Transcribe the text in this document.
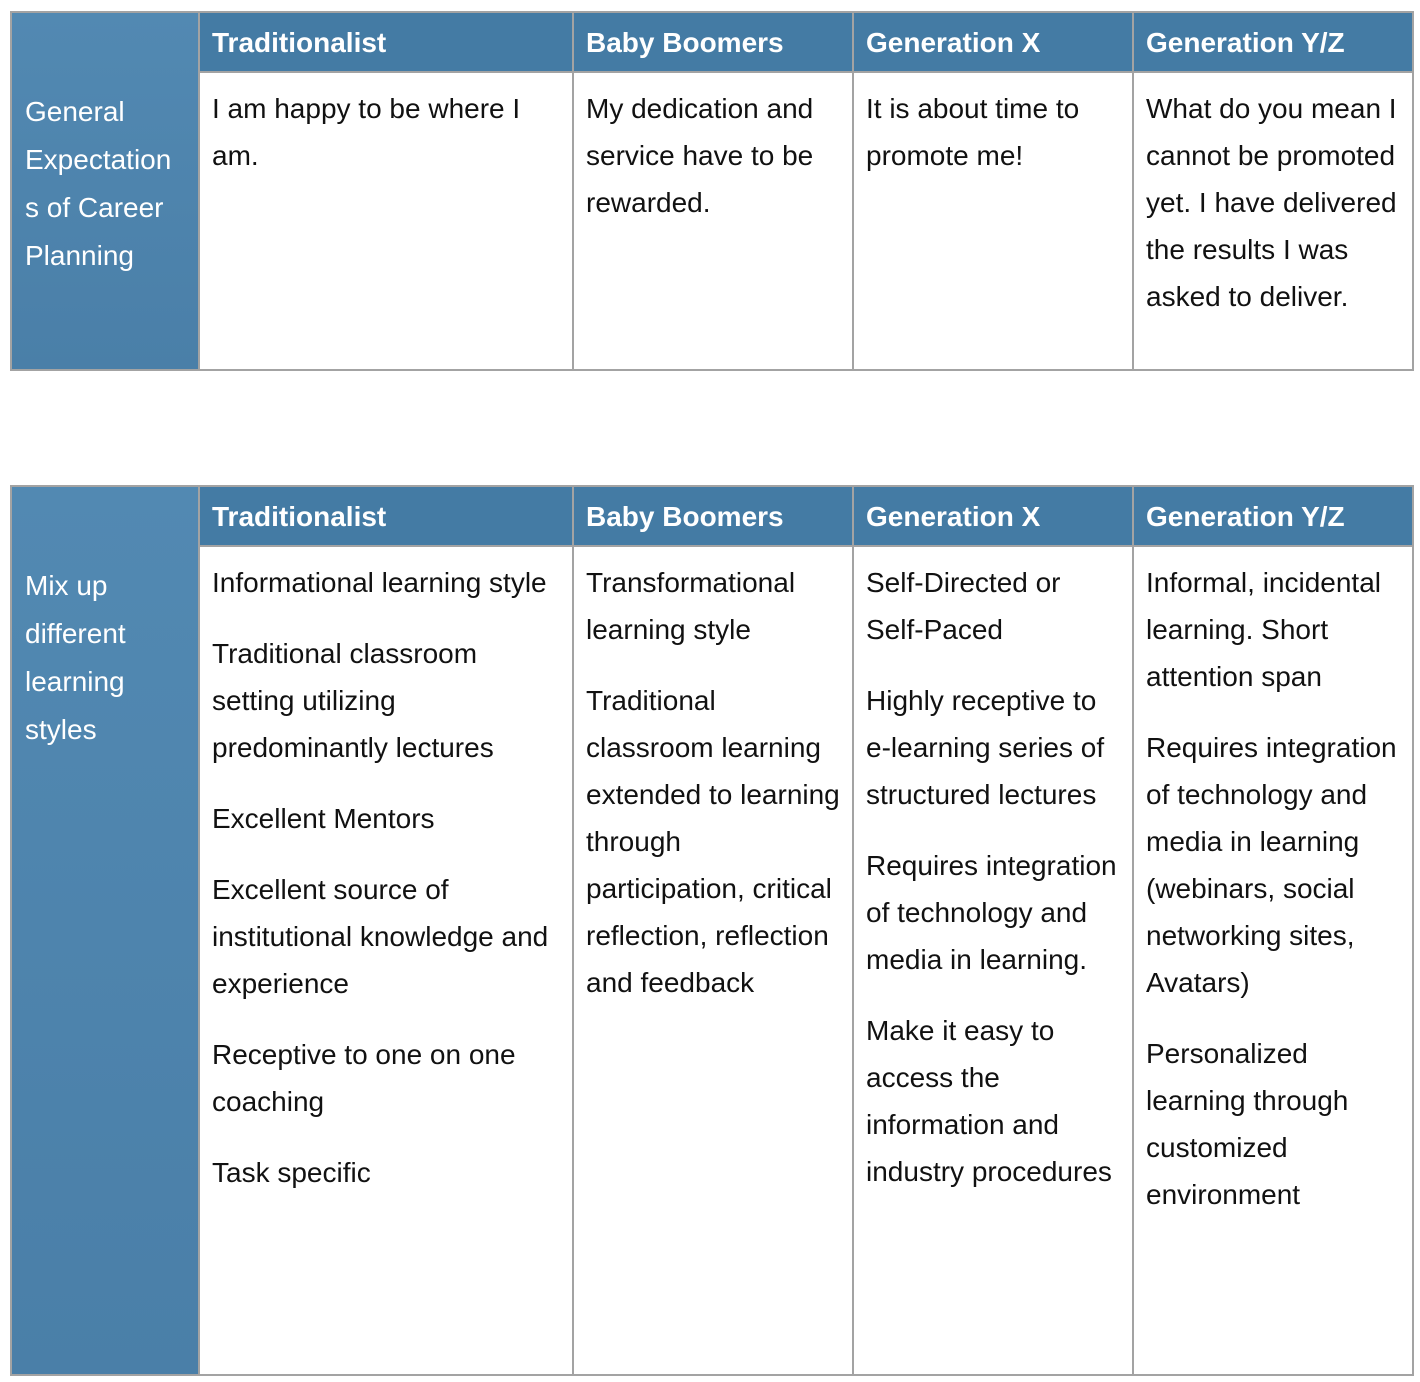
General
Expectation
s of Career
Planning
Traditionalist

I am happy to be where I am.

Baby Boomers

My dedication and service have to be rewarded.

Generation X

It is about time to promote me!

Generation Y/Z

What do you mean I cannot be promoted yet. I have delivered the results I was asked to deliver.

Mix up
different
learning
styles
Traditionalist

Informational learning style

Traditional classroom setting utilizing predominantly lectures

Excellent Mentors

Excellent source of institutional knowledge and experience

Receptive to one on one coaching

Task specific

Baby Boomers

Transformational learning style

Traditional classroom learning extended to learning through participation, critical reflection, reflection and feedback

Generation X

Self-Directed or Self-Paced

Highly receptive to e-learning series of structured lectures

Requires integration of technology and media in learning.

Make it easy to access the information and industry procedures

Generation Y/Z

Informal, incidental learning. Short attention span

Requires integration of technology and media in learning (webinars, social networking sites, Avatars)

Personalized learning through customized environment
